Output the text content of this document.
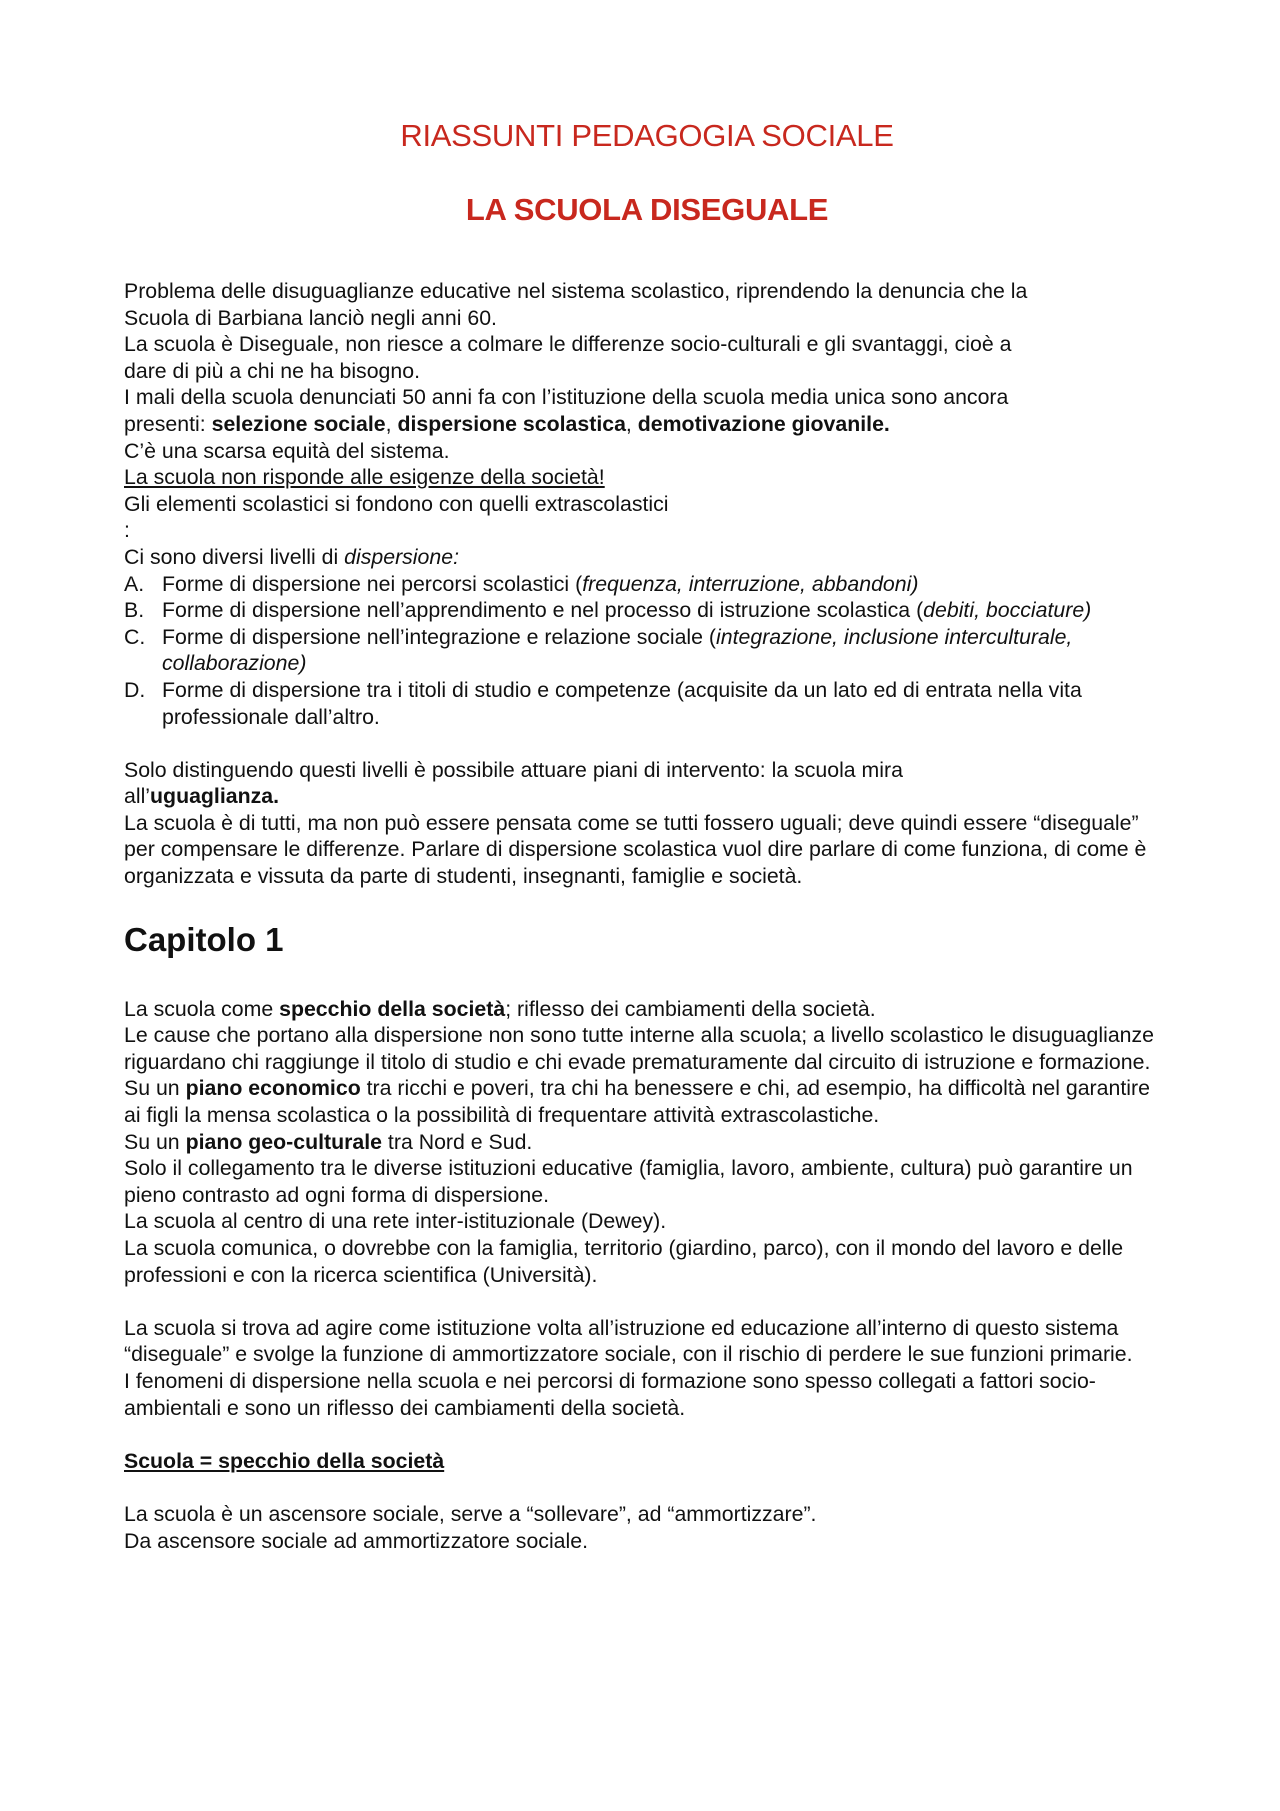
RIASSUNTI PEDAGOGIA SOCIALE
LA SCUOLA DISEGUALE
Problema delle disuguaglianze educative nel sistema scolastico, riprendendo la denuncia che la
Scuola di Barbiana lanciò negli anni 60.
La scuola è Diseguale, non riesce a colmare le differenze socio-culturali e gli svantaggi, cioè a
dare di più a chi ne ha bisogno.
I mali della scuola denunciati 50 anni fa con l’istituzione della scuola media unica sono ancora
presenti: selezione sociale, dispersione scolastica, demotivazione giovanile.
C’è una scarsa equità del sistema.
La scuola non risponde alle esigenze della società!
Gli elementi scolastici si fondono con quelli extrascolastici
:
Ci sono diversi livelli di dispersione:
A. Forme di dispersione nei percorsi scolastici (frequenza, interruzione, abbandoni)
B. Forme di dispersione nell’apprendimento e nel processo di istruzione scolastica (debiti, bocciature)
C. Forme di dispersione nell’integrazione e relazione sociale (integrazione, inclusione interculturale, collaborazione)
D. Forme di dispersione tra i titoli di studio e competenze (acquisite da un lato ed di entrata nella vita professionale dall’altro.
Solo distinguendo questi livelli è possibile attuare piani di intervento: la scuola mira
all’uguaglianza.
La scuola è di tutti, ma non può essere pensata come se tutti fossero uguali; deve quindi essere “diseguale” per compensare le differenze. Parlare di dispersione scolastica vuol dire parlare di come funziona, di come è organizzata e vissuta da parte di studenti, insegnanti, famiglie e società.
Capitolo 1
La scuola come specchio della società; riflesso dei cambiamenti della società.
Le cause che portano alla dispersione non sono tutte interne alla scuola; a livello scolastico le disuguaglianze riguardano chi raggiunge il titolo di studio e chi evade prematuramente dal circuito di istruzione e formazione.
Su un piano economico tra ricchi e poveri, tra chi ha benessere e chi, ad esempio, ha difficoltà nel garantire ai figli la mensa scolastica o la possibilità di frequentare attività extrascolastiche.
Su un piano geo-culturale tra Nord e Sud.
Solo il collegamento tra le diverse istituzioni educative (famiglia, lavoro, ambiente, cultura) può garantire un pieno contrasto ad ogni forma di dispersione.
La scuola al centro di una rete inter-istituzionale (Dewey).
La scuola comunica, o dovrebbe con la famiglia, territorio (giardino, parco), con il mondo del lavoro e delle professioni e con la ricerca scientifica (Università).
La scuola si trova ad agire come istituzione volta all’istruzione ed educazione all’interno di questo sistema “diseguale” e svolge la funzione di ammortizzatore sociale, con il rischio di perdere le sue funzioni primarie.
I fenomeni di dispersione nella scuola e nei percorsi di formazione sono spesso collegati a fattori socio-ambientali e sono un riflesso dei cambiamenti della società.

Scuola = specchio della società

La scuola è un ascensore sociale, serve a “sollevare”, ad “ammortizzare”.
Da ascensore sociale ad ammortizzatore sociale.
